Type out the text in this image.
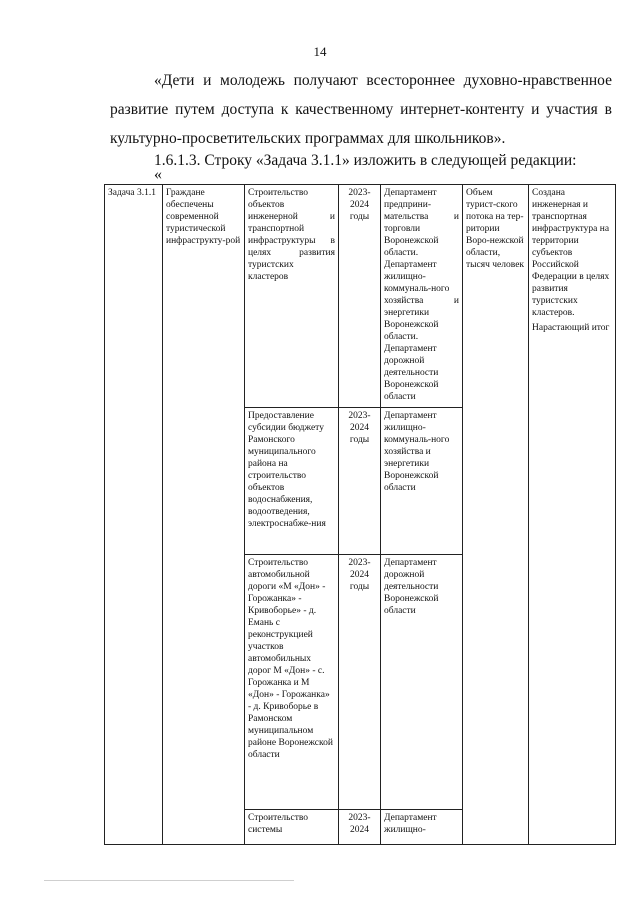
14
«Дети и молодежь получают всестороннее духовно-нравственное развитие путем доступа к качественному интернет-контенту и участия в
культурно-просветительских программах для школьников».
1.6.1.3. Строку «Задача 3.1.1» изложить в следующей редакции:
«
Задача 3.1.1	Граждане обеспечены современной туристической инфраструкту-рой	Строительство объектов инженерной и транспортной инфраструктуры в целях развития туристских кластеров	2023-2024 годы	Департамент предприни-мательства и торговли Воронежской области. Департамент жилищно-коммуналь-ного хозяйства и энергетики Воронежской области. Департамент дорожной деятельности Воронежской области	Объем турист-ского потока на тер-ритории Воро-нежской области, тысяч человек	Создана инженерная и транспортная инфраструктура на территории субъектов Российской Федерации в целях развития туристских кластеров.
Нарастающий итог

		Предоставление субсидии бюджету Рамонского муниципального района на строительство объектов водоснабжения, водоотведения, электроснабже-ния	2023-2024 годы	Департамент жилищно-коммуналь-ного хозяйства и энергетики Воронежской области		
		Строительство автомобильной дороги «М «Дон» - Горожанка» - Кривоборье» - д. Емань с реконструкцией участков автомобильных дорог М «Дон» - с. Горожанка и М «Дон» - Горожанка» - д. Кривоборье в Рамонском муниципальном районе Воронежской области	2023-2024 годы	Департамент дорожной деятельности Воронежской области		
		Строительство системы	2023-2024	Департамент жилищно-		
